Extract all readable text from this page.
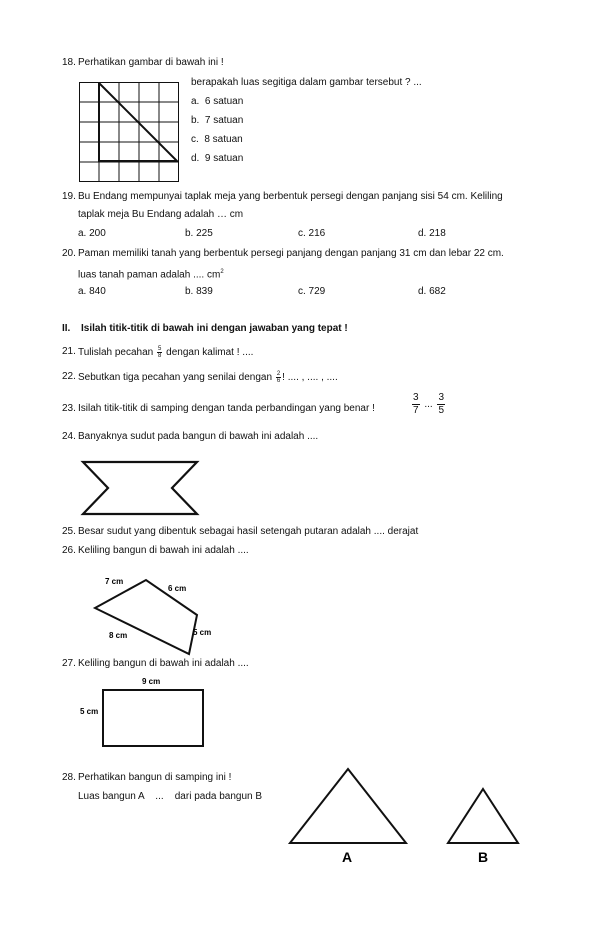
18. Perhatikan gambar di bawah ini !
berapakah luas segitiga dalam gambar tersebut ? ...
a. 6 satuan
b. 7 satuan
c. 8 satuan
d. 9 satuan
19. Bu Endang mempunyai taplak meja yang berbentuk persegi dengan panjang sisi 54 cm. Keliling
taplak meja Bu Endang adalah … cm
a. 200	b. 225	c. 216	d. 218
20. Paman memiliki tanah yang berbentuk persegi panjang dengan panjang 31 cm dan lebar 22 cm.
luas tanah paman adalah .... $cm^2$
a. 840	b. 839	c. 729	d. 682
II. Isilah titik-titik di bawah ini dengan jawaban yang tepat !
21. Tulislah pecahan $\frac{5}{8}$ dengan kalimat ! ....
22. Sebutkan tiga pecahan yang senilai dengan $\frac{2}{6}$ ! .... , .... , ....
23. Isilah titik-titik di samping dengan tanda perbandingan yang benar !	$\frac{3}{7}$ ... $\frac{3}{5}$
24. Banyaknya sudut pada bangun di bawah ini adalah ....
25. Besar sudut yang dibentuk sebagai hasil setengah putaran adalah .... derajat
26. Keliling bangun di bawah ini adalah ....
7 cm
6 cm
5 cm
8 cm
27. Keliling bangun di bawah ini adalah ....
9 cm
5 cm
28. Perhatikan bangun di samping ini !
Luas bangun A    ...    dari pada bangun B
A	B
